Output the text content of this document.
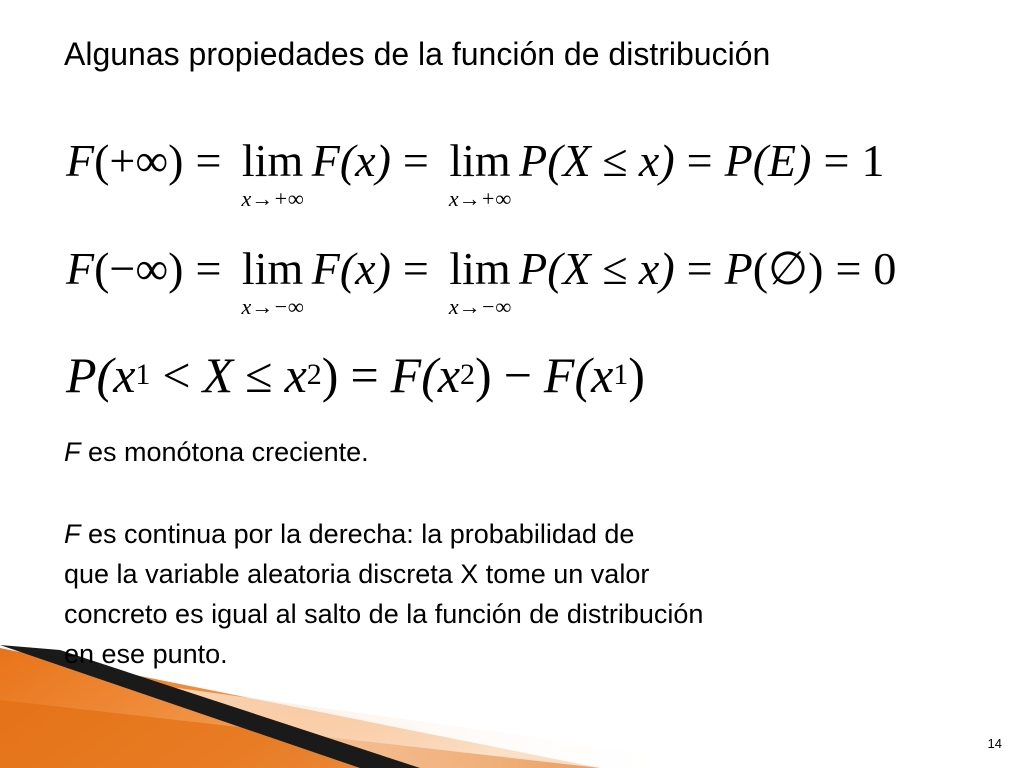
Algunas propiedades de la función de distribución
F (+∞) = lim
x→+∞
F (x) = lim
x→+∞
P (X ≤ x) = P (E) = 1
F (−∞) = lim
x→−∞
F (x) = lim
x→−∞
P (X ≤ x) = P (∅) = 0
P (x 1 < X ≤ x 2 ) = F (x 2 ) − F (x 1 )
F es monótona creciente.
F es continua por la derecha: la probabilidad de
que la variable aleatoria discreta X tome un valor
concreto es igual al salto de la función de distribución
en ese punto.
14
